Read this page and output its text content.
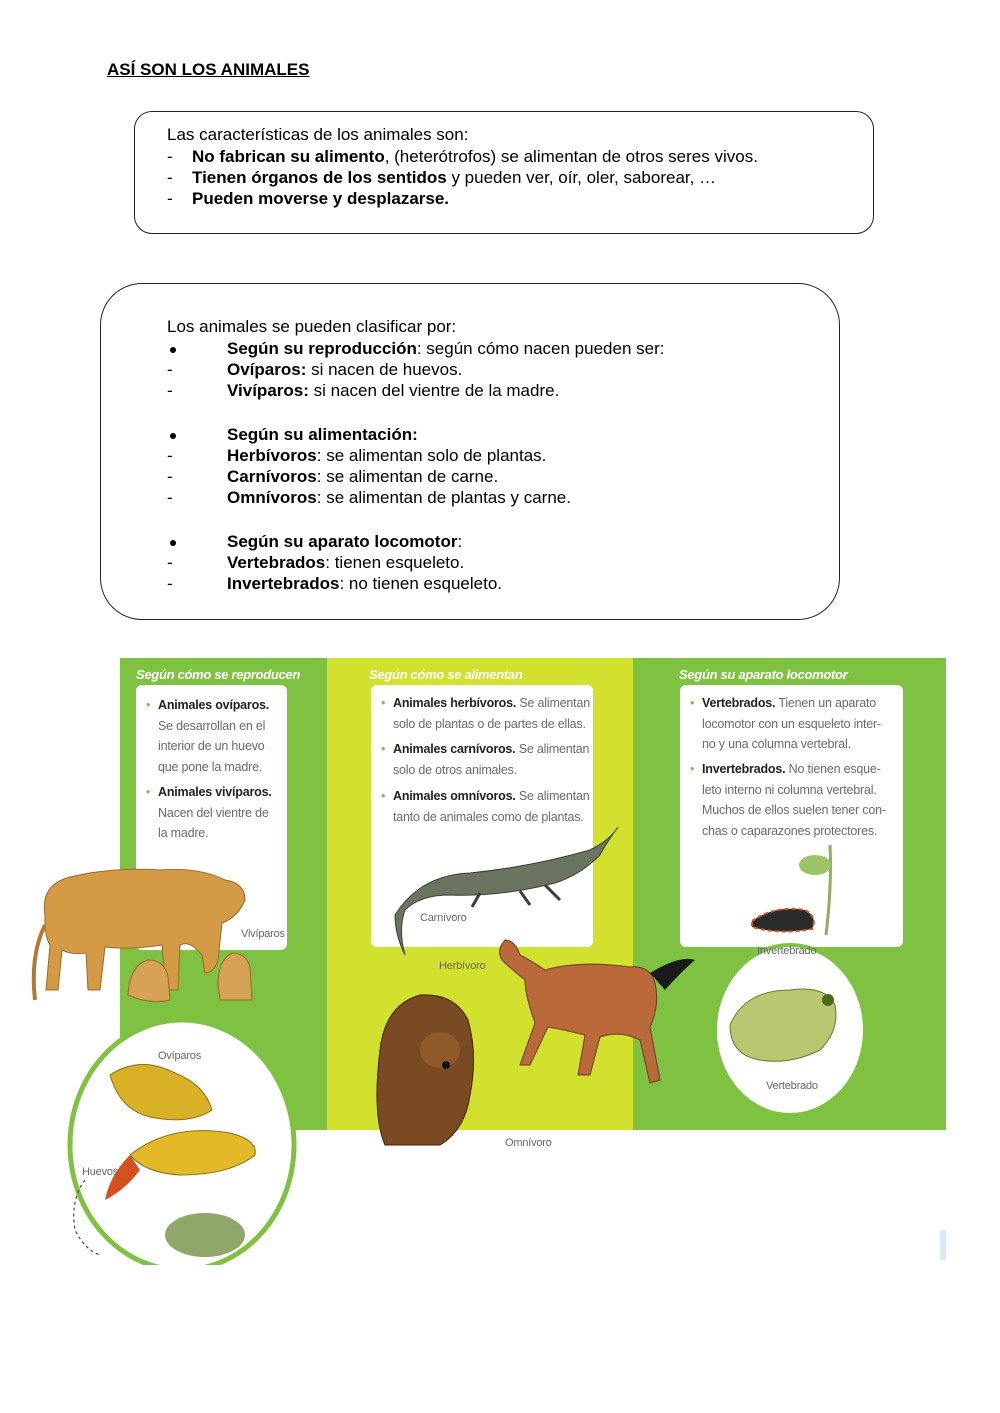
ASÍ SON LOS ANIMALES
Las características de los animales son:
- No fabrican su alimento, (heterótrofos) se alimentan de otros seres vivos.
- Tienen órganos de los sentidos y pueden ver, oír, oler, saborear, …
- Pueden moverse y desplazarse.
Los animales se pueden clasificar por:
Según su reproducción: según cómo nacen pueden ser:
-	Ovíparos: si nacen de huevos.
-	Vivíparos: si nacen del vientre de la madre.
Según su alimentación:
-	Herbívoros: se alimentan solo de plantas.
-	Carnívoros: se alimentan de carne.
-	Omnívoros: se alimentan de plantas y carne.
Según su aparato locomotor:
-	Vertebrados: tienen esqueleto.
-	Invertebrados: no tienen esqueleto.
Según cómo se reproducen
• Animales ovíparos.
Se desarrollan en el
interior de un huevo
que pone la madre.
• Animales vivíparos.
Nacen del vientre de
la madre.
Según cómo se alimentan
• Animales herbívoros. Se alimentan
solo de plantas o de partes de ellas.
• Animales carnívoros. Se alimentan
solo de otros animales.
• Animales omnívoros. Se alimentan
tanto de animales como de plantas.
Según su aparato locomotor
• Vertebrados. Tienen un aparato
locomotor con un esqueleto inter-
no y una columna vertebral.
• Invertebrados. No tienen esque-
leto interno ni columna vertebral.
Muchos de ellos suelen tener con-
chas o caparazones protectores.
Vivíparos
Ovíparos
Huevos
Carnívoro
Herbívoro
Omnívoro
Invertebrado
Vertebrado
